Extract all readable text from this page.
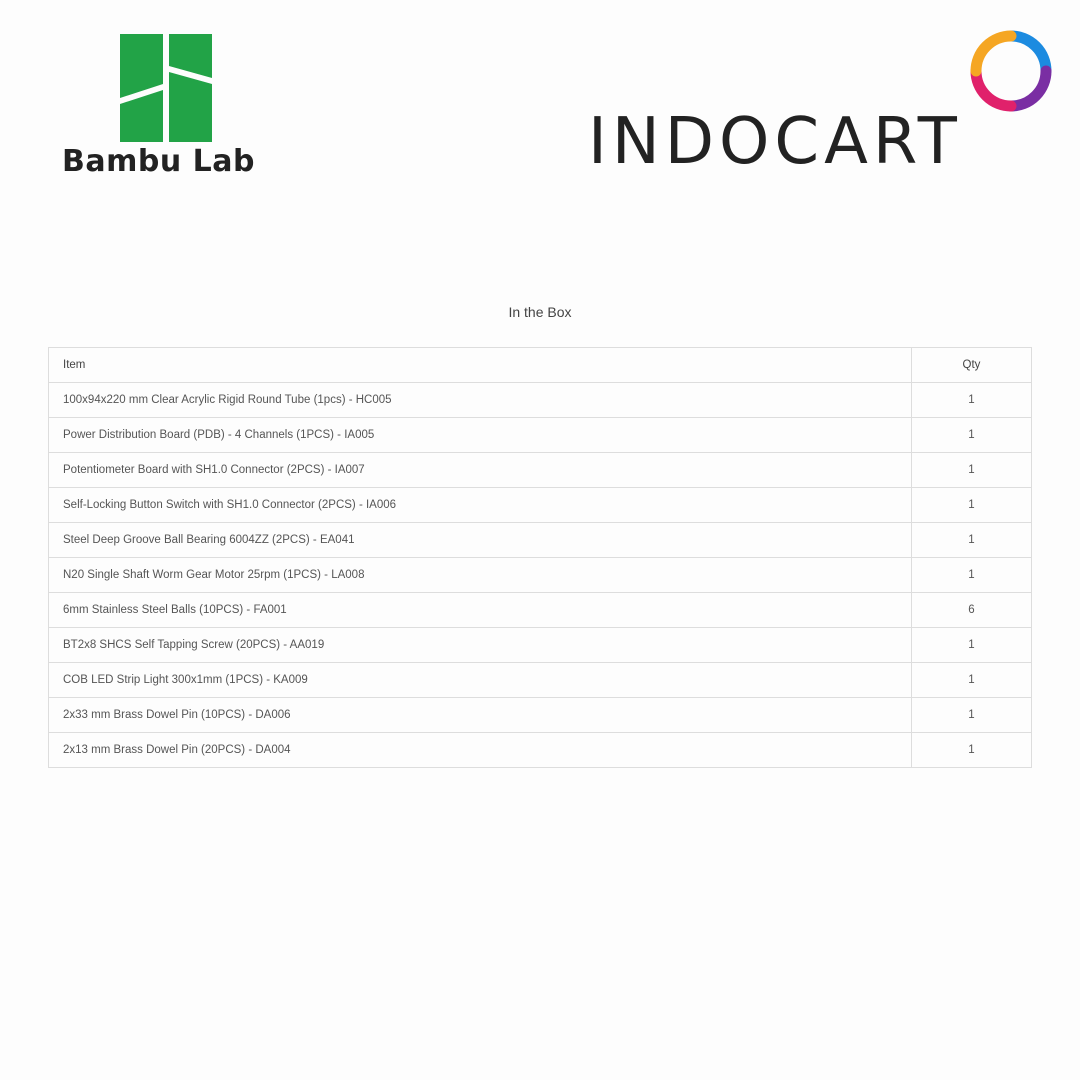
Bambu Lab	INDOCART
In the Box
Item	Qty
100x94x220 mm Clear Acrylic Rigid Round Tube (1pcs) - HC005	1
Power Distribution Board (PDB) - 4 Channels (1PCS) - IA005	1
Potentiometer Board with SH1.0 Connector (2PCS) - IA007	1
Self-Locking Button Switch with SH1.0 Connector (2PCS) - IA006	1
Steel Deep Groove Ball Bearing 6004ZZ (2PCS) - EA041	1
N20 Single Shaft Worm Gear Motor 25rpm (1PCS) - LA008	1
6mm Stainless Steel Balls (10PCS) - FA001	6
BT2x8 SHCS Self Tapping Screw (20PCS) - AA019	1
COB LED Strip Light 300x1mm (1PCS) - KA009	1
2x33 mm Brass Dowel Pin (10PCS) - DA006	1
2x13 mm Brass Dowel Pin (20PCS) - DA004	1
